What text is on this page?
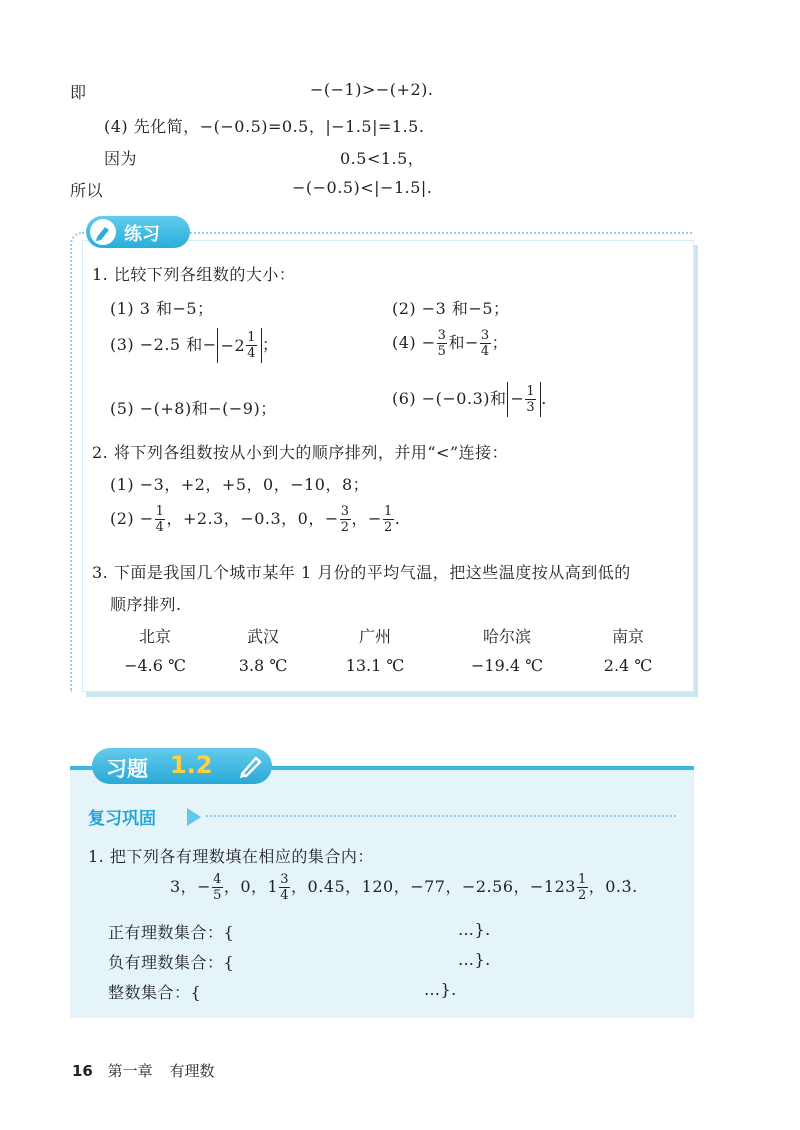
即	−(−1)>−(+2).
(4) 先化简，−(−0.5)=0.5，|−1.5|=1.5.
因为	0.5<1.5，
所以	−(−0.5)<|−1.5|.
练习
1. 比较下列各组数的大小：
(1) 3 和−5；	(2) −3 和−5；
(3) −2.5 和− $-2 \frac{1}{4}$ ；	$(4) - \frac{3}{5}$ 和− $\frac{3}{4}$ ；
(5) −(+8)和−(−9)；
(6) −(−0.3)和 − $\frac{1}{3}$ .
2. 将下列各组数按从小到大的顺序排列，并用“<”连接：
(1) −3，+2，+5，0，−10，8；
$(2) - \frac{1}{4}$ ，+2.3，−0.3，0，− $\frac{3}{2}$ ，− $\frac{1}{2}$ .
3. 下面是我国几个城市某年 1 月份的平均气温，把这些温度按从高到低的
顺序排列.
北京	武汉	广州	哈尔滨	南京
−4.6 ℃	3.8 ℃	13.1 ℃	−19.4 ℃	2.4 ℃
习题 1.2
复习巩固
1. 把下列各有理数填在相应的集合内：
3，− $\frac{4}{5}$ ，0，$1 \frac{3}{4}$ ，0.45，120，−77，−2.56，$-123 \frac{1}{2}$ ，0.3̇.
正有理数集合：{	…}.
负有理数集合：{	…}.
整数集合：{	…}.
16 第一章 有理数
